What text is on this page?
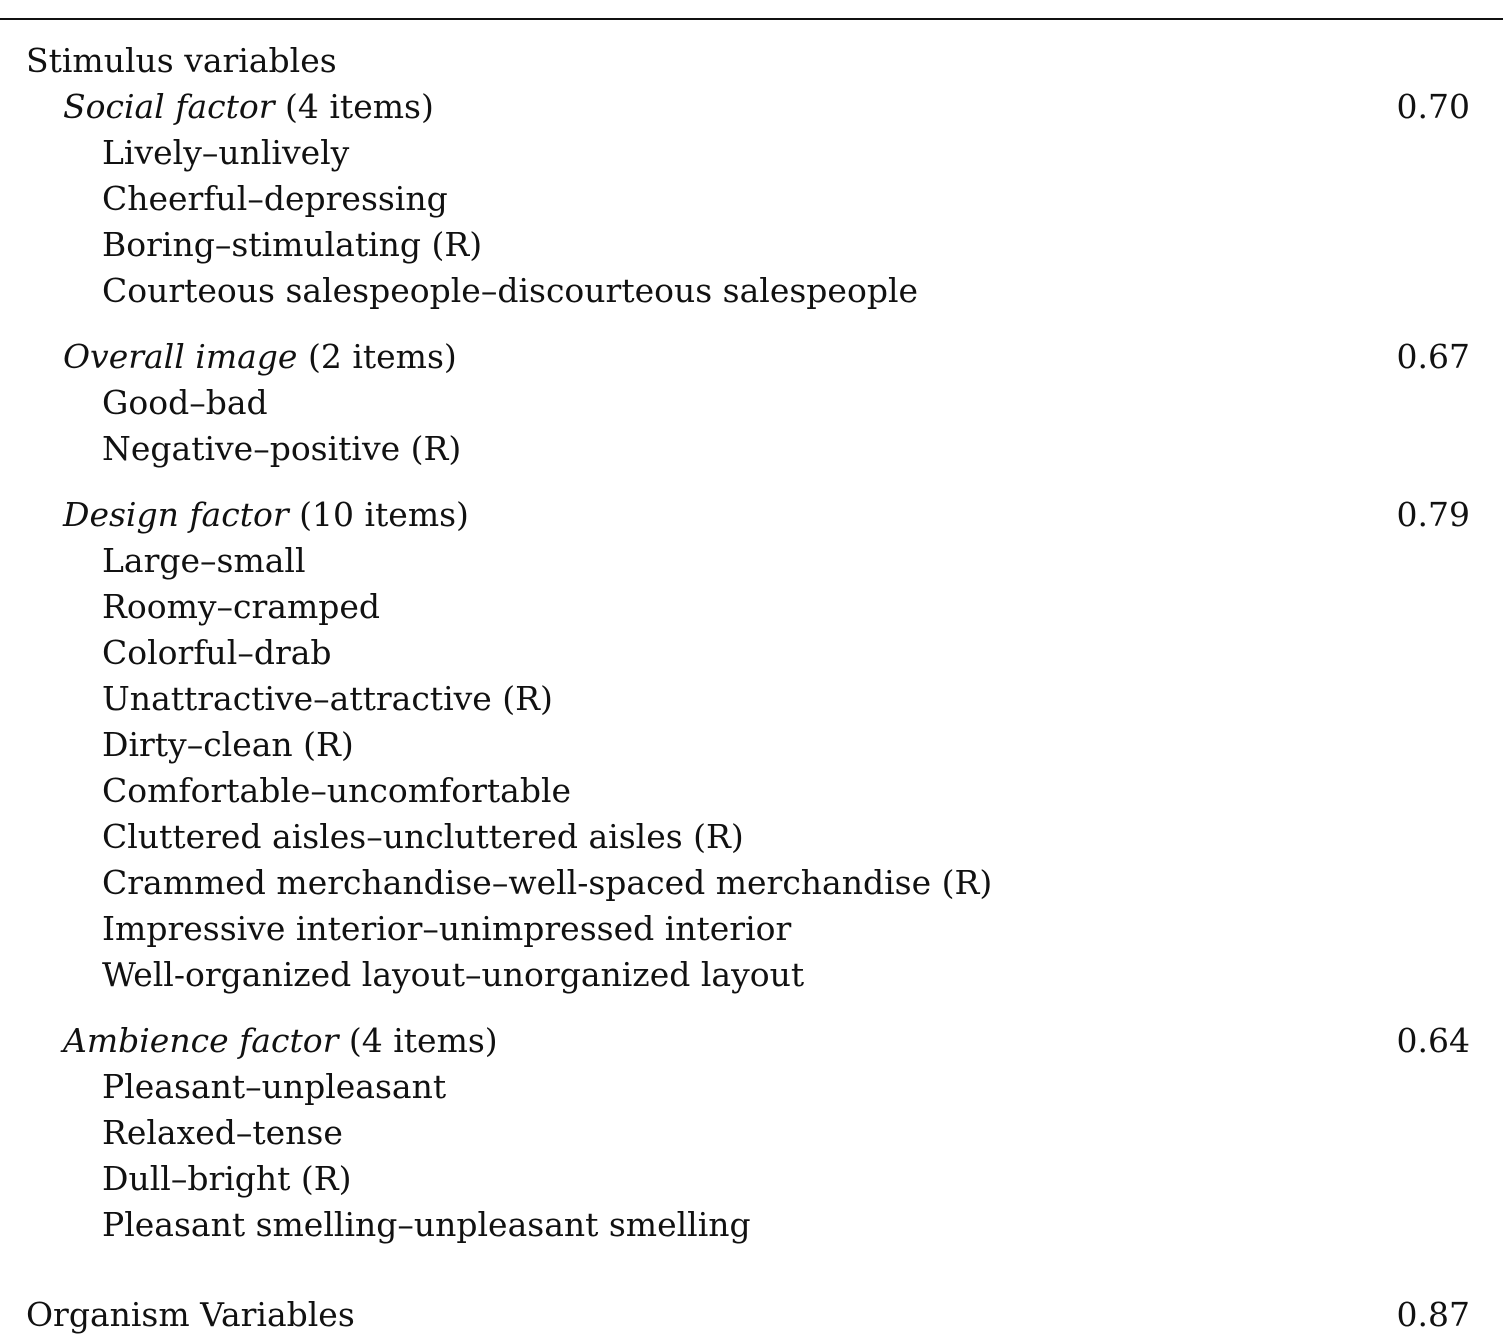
Stimulus variables
Social factor (4 items)	0.70
Lively–unlively
Cheerful–depressing
Boring–stimulating (R)
Courteous salespeople–discourteous salespeople
Overall image (2 items)	0.67
Good–bad
Negative–positive (R)
Design factor (10 items)	0.79
Large–small
Roomy–cramped
Colorful–drab
Unattractive–attractive (R)
Dirty–clean (R)
Comfortable–uncomfortable
Cluttered aisles–uncluttered aisles (R)
Crammed merchandise–well-spaced merchandise (R)
Impressive interior–unimpressed interior
Well-organized layout–unorganized layout
Ambience factor (4 items)	0.64
Pleasant–unpleasant
Relaxed–tense
Dull–bright (R)
Pleasant smelling–unpleasant smelling
Organism Variables	0.87
